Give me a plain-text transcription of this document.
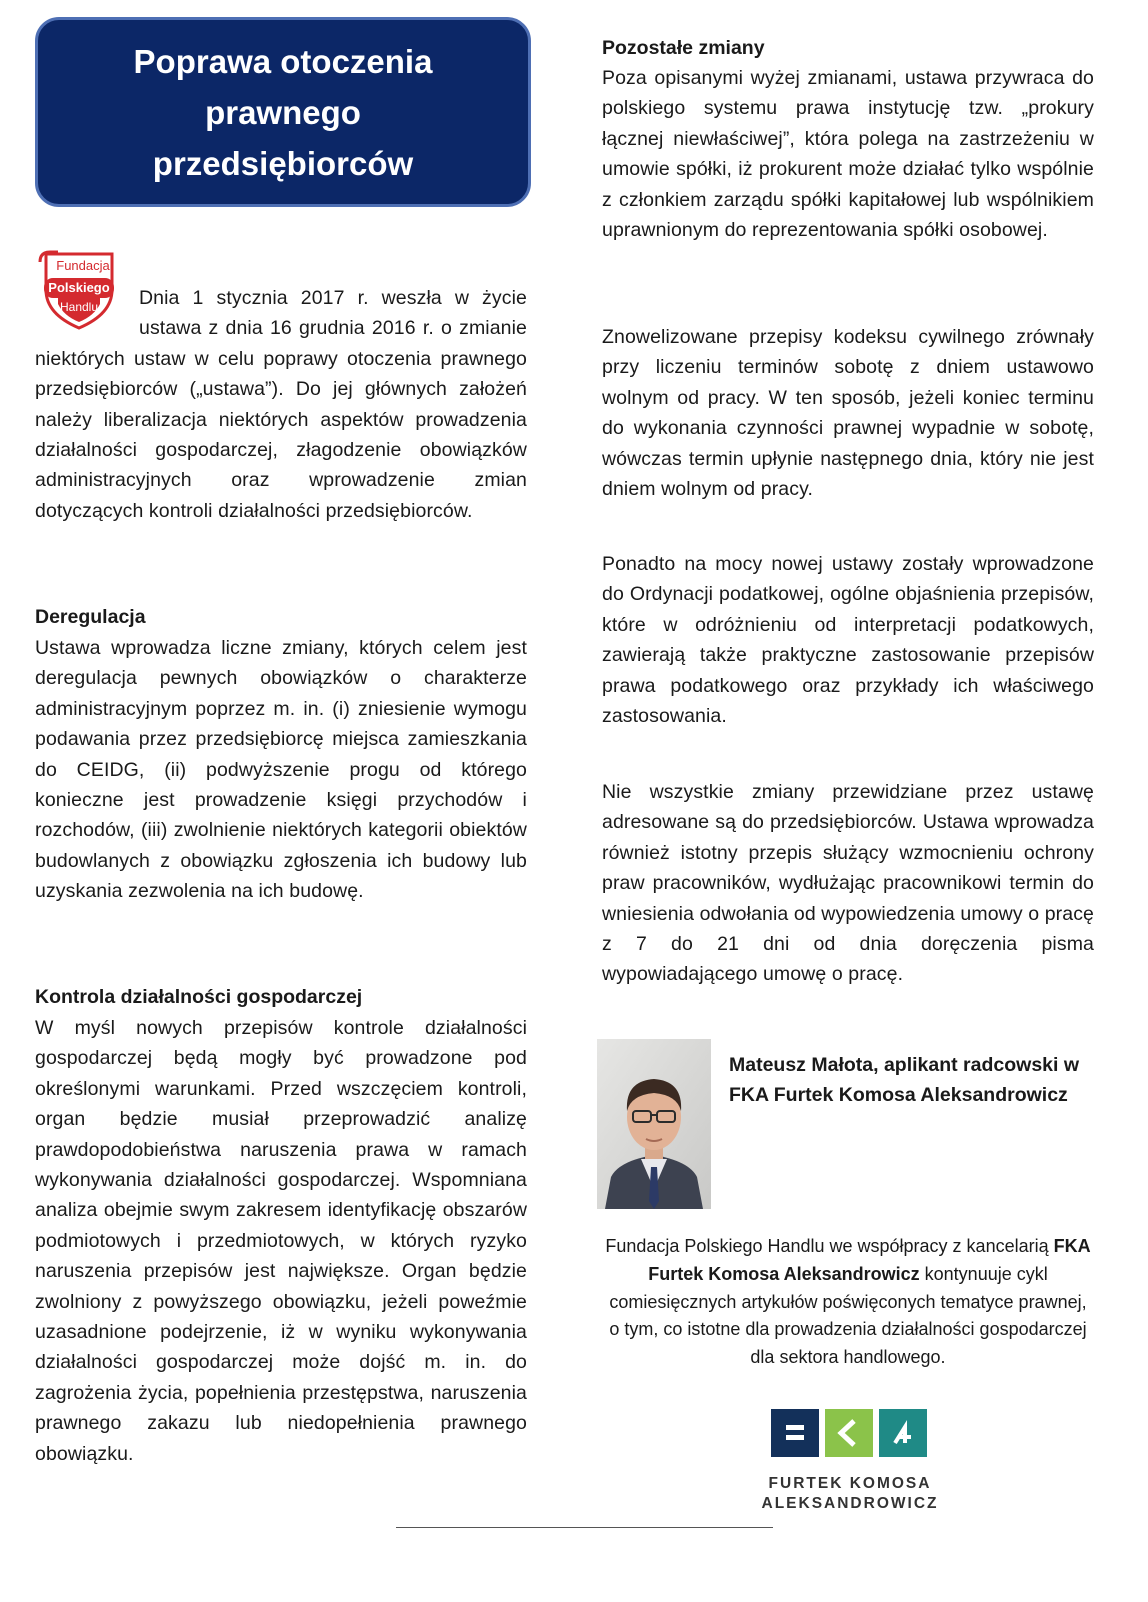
Poprawa otoczenia
prawnego
przedsiębiorców
Fundacja
Polskiego
Handlu	Dnia 1 stycznia 2017 r. weszła w życie ustawa z dnia 16 grudnia 2016 r. o zmianie niektórych ustaw w celu poprawy otoczenia prawnego przedsiębiorców („ustawa”). Do jej głównych założeń należy liberalizacja niektórych aspektów prowadzenia działalności gospodarczej, złagodzenie obowiązków administracyjnych oraz wprowadzenie zmian dotyczących kontroli działalności przedsiębiorców.
Deregulacja

Ustawa wprowadza liczne zmiany, których celem jest deregulacja pewnych obowiązków o charakterze administracyjnym poprzez m. in. (i) zniesienie wymogu podawania przez przedsiębiorcę miejsca zamieszkania do CEIDG, (ii) podwyższenie progu od którego konieczne jest prowadzenie księgi przychodów i rozchodów, (iii) zwolnienie niektórych kategorii obiektów budowlanych z obowiązku zgłoszenia ich budowy lub uzyskania zezwolenia na ich budowę.

Kontrola działalności gospodarczej

W myśl nowych przepisów kontrole działalności gospodarczej będą mogły być prowadzone pod określonymi warunkami. Przed wszczęciem kontroli, organ będzie musiał przeprowadzić analizę prawdopodobieństwa naruszenia prawa w ramach wykonywania działalności gospodarczej. Wspomniana analiza obejmie swym zakresem identyfikację obszarów podmiotowych i przedmiotowych, w których ryzyko naruszenia przepisów jest największe. Organ będzie zwolniony z powyższego obowiązku, jeżeli poweźmie uzasadnione podejrzenie, iż w wyniku wykonywania działalności gospodarczej może dojść m. in. do zagrożenia życia, popełnienia przestępstwa, naruszenia prawnego zakazu lub niedopełnienia prawnego obowiązku.

Pozostałe zmiany

Poza opisanymi wyżej zmianami, ustawa przywraca do polskiego systemu prawa instytucję tzw. „prokury łącznej niewłaściwej”, która polega na zastrzeżeniu w umowie spółki, iż prokurent może działać tylko wspólnie z członkiem zarządu spółki kapitałowej lub wspólnikiem uprawnionym do reprezentowania spółki osobowej.

Znowelizowane przepisy kodeksu cywilnego zrównały przy liczeniu terminów sobotę z dniem ustawowo wolnym od pracy. W ten sposób, jeżeli koniec terminu do wykonania czynności prawnej wypadnie w sobotę, wówczas termin upłynie następnego dnia, który nie jest dniem wolnym od pracy.

Ponadto na mocy nowej ustawy zostały wprowadzone do Ordynacji podatkowej, ogólne objaśnienia przepisów, które w odróżnieniu od interpretacji podatkowych, zawierają także praktyczne zastosowanie przepisów prawa podatkowego oraz przykłady ich właściwego zastosowania.

Nie wszystkie zmiany przewidziane przez ustawę adresowane są do przedsiębiorców. Ustawa wprowadza również istotny przepis służący wzmocnieniu ochrony praw pracowników, wydłużając pracownikowi termin do wniesienia odwołania od wypowiedzenia umowy o pracę z 7 do 21 dni od dnia doręczenia pisma wypowiadającego umowę o pracę.

Mateusz Małota, aplikant radcowski w FKA Furtek Komosa Aleksandrowicz
Fundacja Polskiego Handlu we współpracy z kancelarią FKA Furtek Komosa Aleksandrowicz kontynuuje cykl comiesięcznych artykułów poświęconych tematyce prawnej, o tym, co istotne dla prowadzenia działalności gospodarczej dla sektora handlowego.
FURTEK KOMOSA
ALEKSANDROWICZ
